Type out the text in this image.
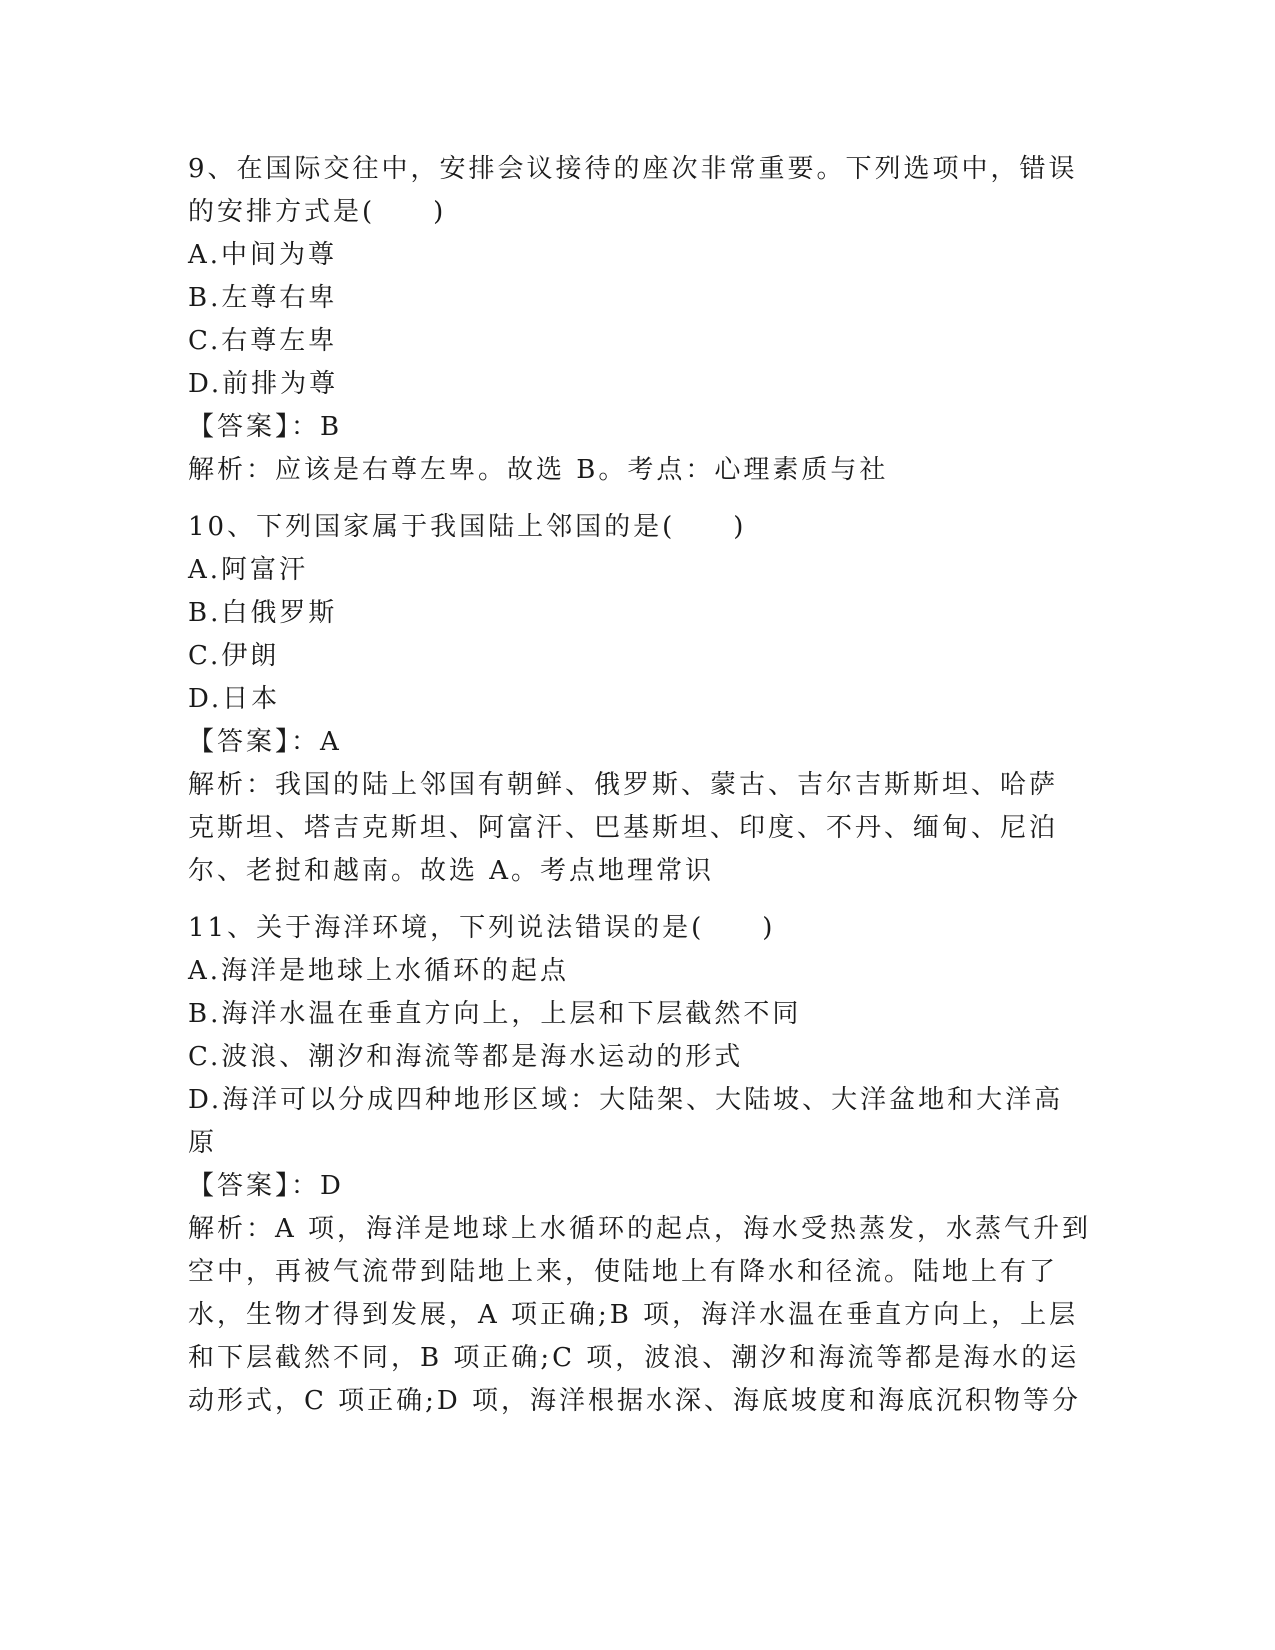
9、在国际交往中，安排会议接待的座次非常重要。下列选项中，错误
的安排方式是(　　)
A.中间为尊
B.左尊右卑
C.右尊左卑
D.前排为尊
【答案】：B
解析：应该是右尊左卑。故选 B。考点：心理素质与社
10、下列国家属于我国陆上邻国的是(　　)
A.阿富汗
B.白俄罗斯
C.伊朗
D.日本
【答案】：A
解析：我国的陆上邻国有朝鲜、俄罗斯、蒙古、吉尔吉斯斯坦、哈萨
克斯坦、塔吉克斯坦、阿富汗、巴基斯坦、印度、不丹、缅甸、尼泊
尔、老挝和越南。故选 A。考点地理常识
11、关于海洋环境，下列说法错误的是(　　)
A.海洋是地球上水循环的起点
B.海洋水温在垂直方向上，上层和下层截然不同
C.波浪、潮汐和海流等都是海水运动的形式
D.海洋可以分成四种地形区域：大陆架、大陆坡、大洋盆地和大洋高
原
【答案】：D
解析：A 项，海洋是地球上水循环的起点，海水受热蒸发，水蒸气升到
空中，再被气流带到陆地上来，使陆地上有降水和径流。陆地上有了
水，生物才得到发展，A 项正确;B 项，海洋水温在垂直方向上，上层
和下层截然不同，B 项正确;C 项，波浪、潮汐和海流等都是海水的运
动形式，C 项正确;D 项，海洋根据水深、海底坡度和海底沉积物等分
